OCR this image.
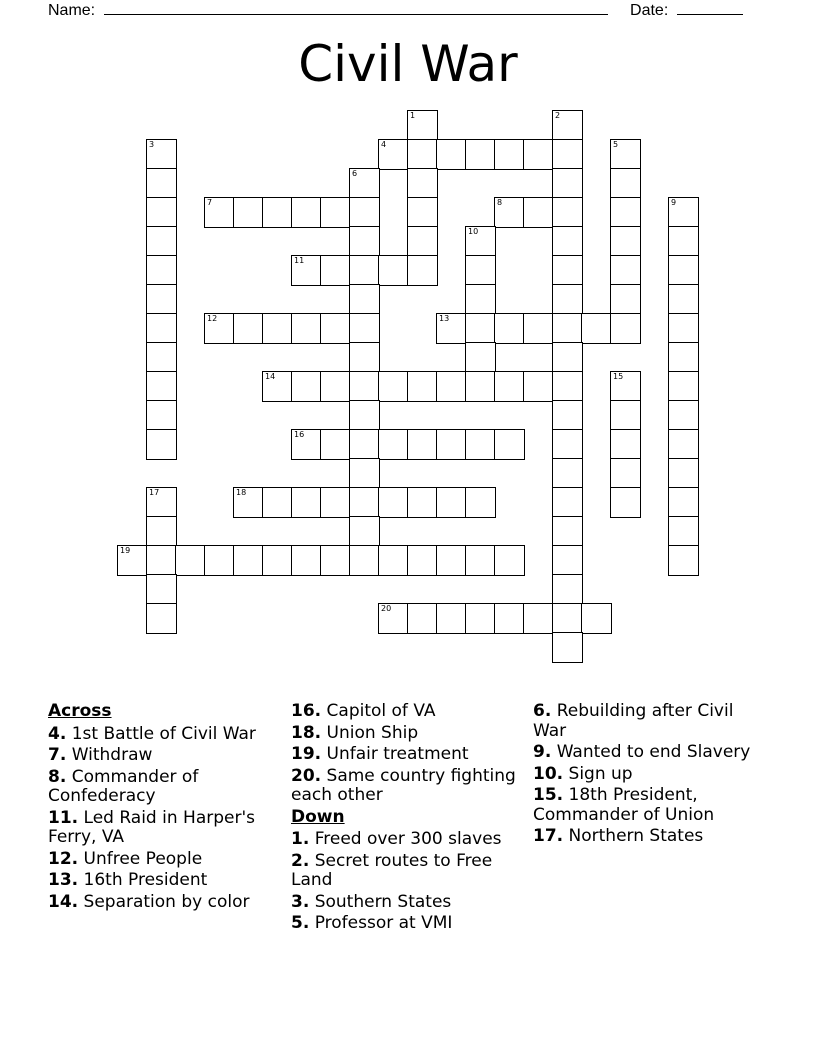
Name:	Date:
Civil War
1	2
3	4	5
6
7	8	9
10
11
12	13
14	15
16
17	18
19
20
Across
4. 1st Battle of Civil War
7. Withdraw
8. Commander of Confederacy
11. Led Raid in Harper's Ferry, VA
12. Unfree People
13. 16th President
14. Separation by color
16. Capitol of VA
18. Union Ship
19. Unfair treatment
20. Same country fighting each other
Down
1. Freed over 300 slaves
2. Secret routes to Free Land
3. Southern States
5. Professor at VMI
6. Rebuilding after Civil War
9. Wanted to end Slavery
10. Sign up
15. 18th President, Commander of Union
17. Northern States
